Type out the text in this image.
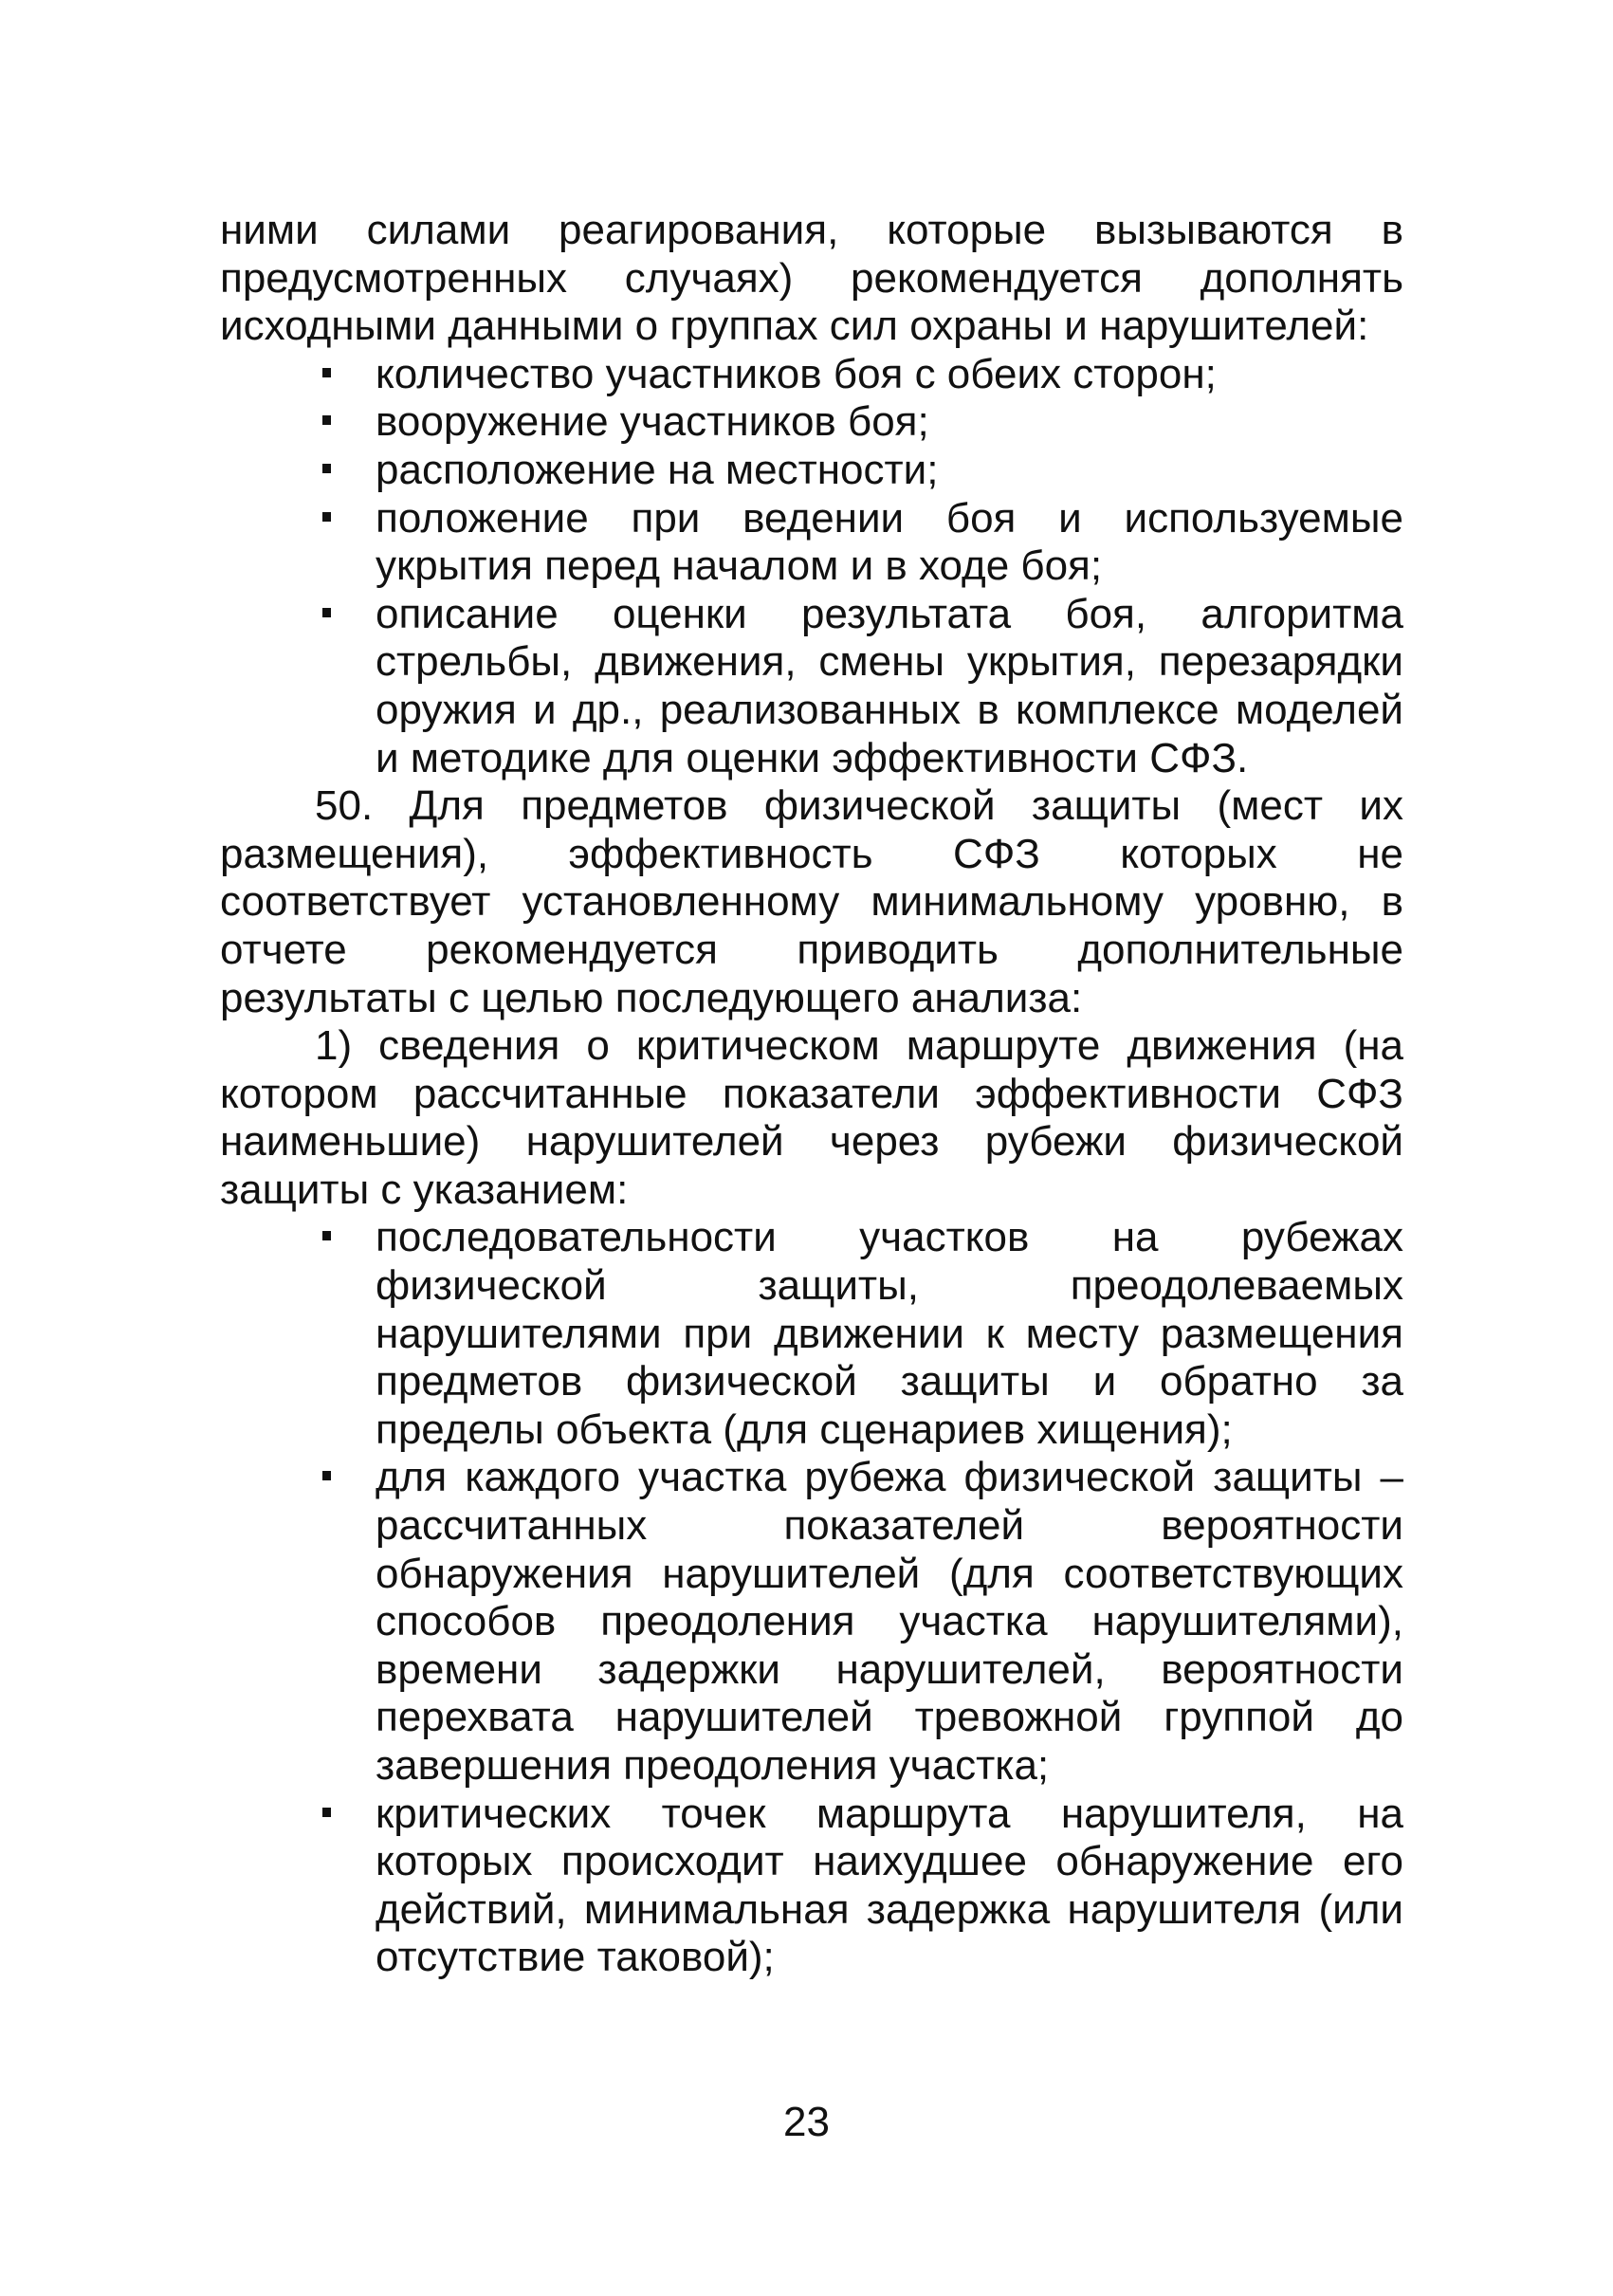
ними силами реагирования, которые вызываются в предусмотренных случаях) рекомендуется дополнять исходными данными о группах сил охраны и нарушителей:

количество участников боя с обеих сторон;
вооружение участников боя;
расположение на местности;
положение при ведении боя и используемые укрытия перед началом и в ходе боя;
описание оценки результата боя, алгоритма стрельбы, движения, смены укрытия, перезарядки оружия и др., реализованных в комплексе моделей и методике для оценки эффективности СФЗ.

50. Для предметов физической защиты (мест их размещения), эффективность СФЗ которых не соответствует установленному минимальному уровню, в отчете рекомендуется приводить дополнительные результаты с целью последующего анализа:

1) сведения о критическом маршруте движения (на котором рассчитанные показатели эффективности СФЗ наименьшие) нарушителей через рубежи физической защиты с указанием:

последовательности участков на рубежах физической защиты, преодолеваемых нарушителями при движении к месту размещения предметов физической защиты и обратно за пределы объекта (для сценариев хищения);
для каждого участка рубежа физической защиты – рассчитанных показателей вероятности обнаружения нарушителей (для соответствующих способов преодоления участка нарушителями), времени задержки нарушителей, вероятности перехвата нарушителей тревожной группой до завершения преодоления участка;
критических точек маршрута нарушителя, на которых происходит наихудшее обнаружение его действий, минимальная задержка нарушителя (или отсутствие таковой);
23
